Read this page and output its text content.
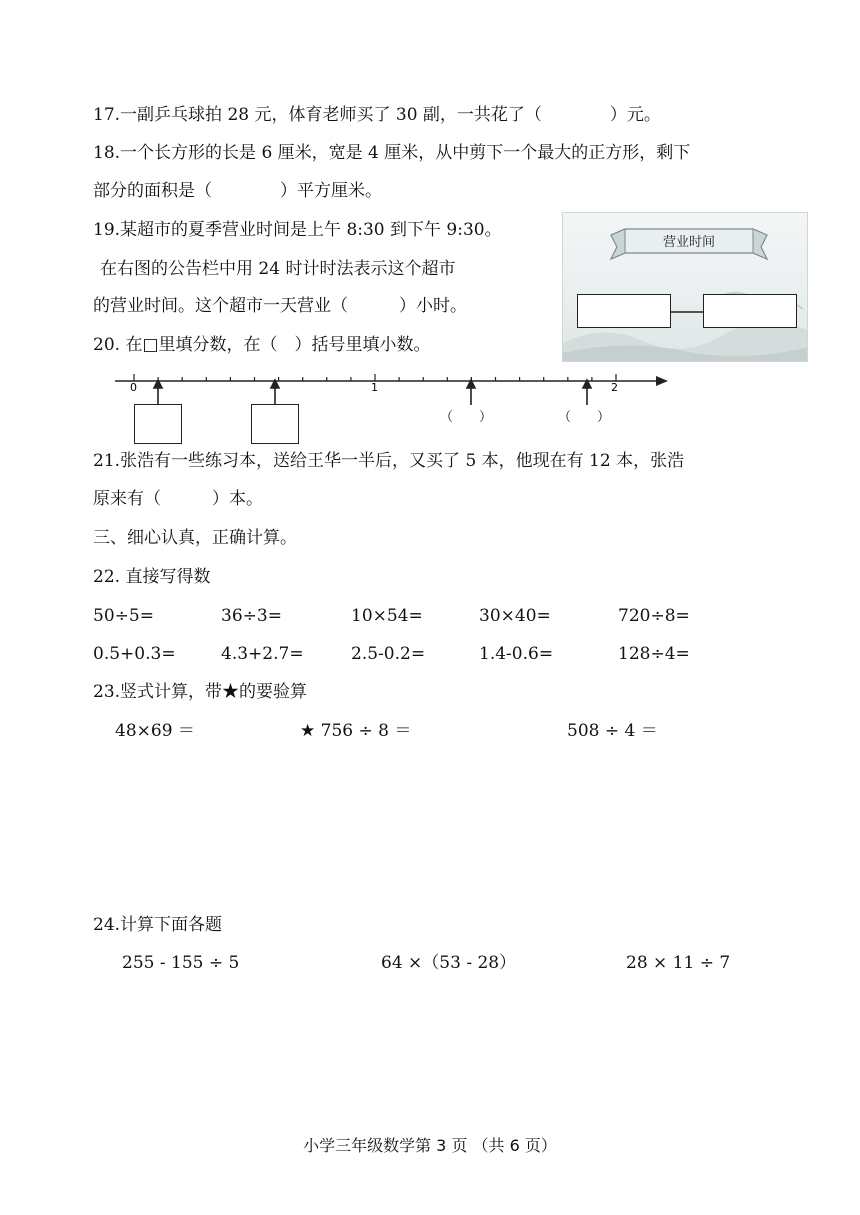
17.一副乒乓球拍 28 元，体育老师买了 30 副，一共花了（　　　　）元。
18.一个长方形的长是 6 厘米，宽是 4 厘米，从中剪下一个最大的正方形，剩下
部分的面积是（　　　　）平方厘米。
19.某超市的夏季营业时间是上午 8:30 到下午 9:30。
在右图的公告栏中用 24 时计时法表示这个超市
的营业时间。这个超市一天营业（　　　）小时。
营业时间
20. 在□里填分数，在（　）括号里填小数。
0	1	2
（　　）	（　　）
21.张浩有一些练习本，送给王华一半后，又买了 5 本，他现在有 12 本，张浩
原来有（　　　）本。
三、细心认真，正确计算。
22. 直接写得数
50÷5=	36÷3=	10×54=	30×40=	720÷8=
0.5+0.3=	4.3+2.7=	2.5-0.2=	1.4-0.6=	128÷4=
23.竖式计算，带★的要验算
48×69 ＝	★ 756 ÷ 8 ＝	508 ÷ 4 ＝
24.计算下面各题
255 - 155 ÷ 5	64 ×（53 - 28）	28 × 11 ÷ 7
小学三年级数学第 3 页 （共 6 页）
